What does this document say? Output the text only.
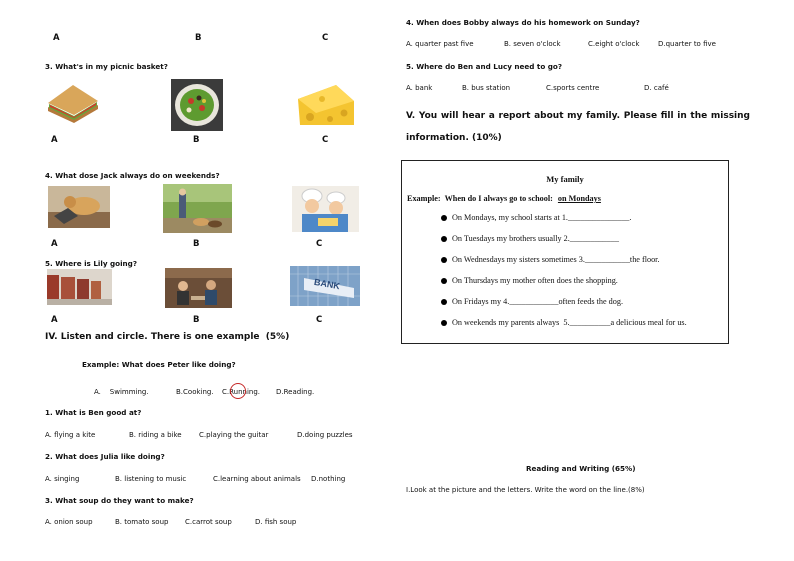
A	B	C
3. What's in my picnic basket?
A	B	C
4. What dose Jack always do on weekends?
A	B	C
5. Where is Lily going?
BANK
A	B	C
IV. Listen and circle. There is one example  (5%)
Example: What does Peter like doing?
A.    Swimming.	B.Cooking. C.Running. D.Reading.
1. What is Ben good at?
A. flying a kite	B. riding a bike C.playing the guitar	D.doing puzzles
2. What does Julia like doing?
A. singing	B. listening to music	C.learning about animals D.nothing
3. What soup do they want to make?
A. onion soup	B. tomato soup C.carrot soup	D. fish soup
4. When does Bobby always do his homework on Sunday?
A. quarter past five	B. seven o'clock	C.eight o'clock	D.quarter to five
5. Where do Ben and Lucy need to go?
A. bank	B. bus station	C.sports centre	D. café
V. You will hear a report about my family. Please fill in the missing
information. (10%)
My family
Example:  When do I always go to school: on Mondays
On Mondays, my school starts at 1._______________.
On Tuesdays my brothers usually 2.____________
On Wednesdays my sisters sometimes 3.___________the floor.
On Thursdays my mother often does the shopping.
On Fridays my 4.____________often feeds the dog.
On weekends my parents always  5.__________a delicious meal for us.
Reading and Writing (65%)
I.Look at the picture and the letters. Write the word on the line.(8%)
